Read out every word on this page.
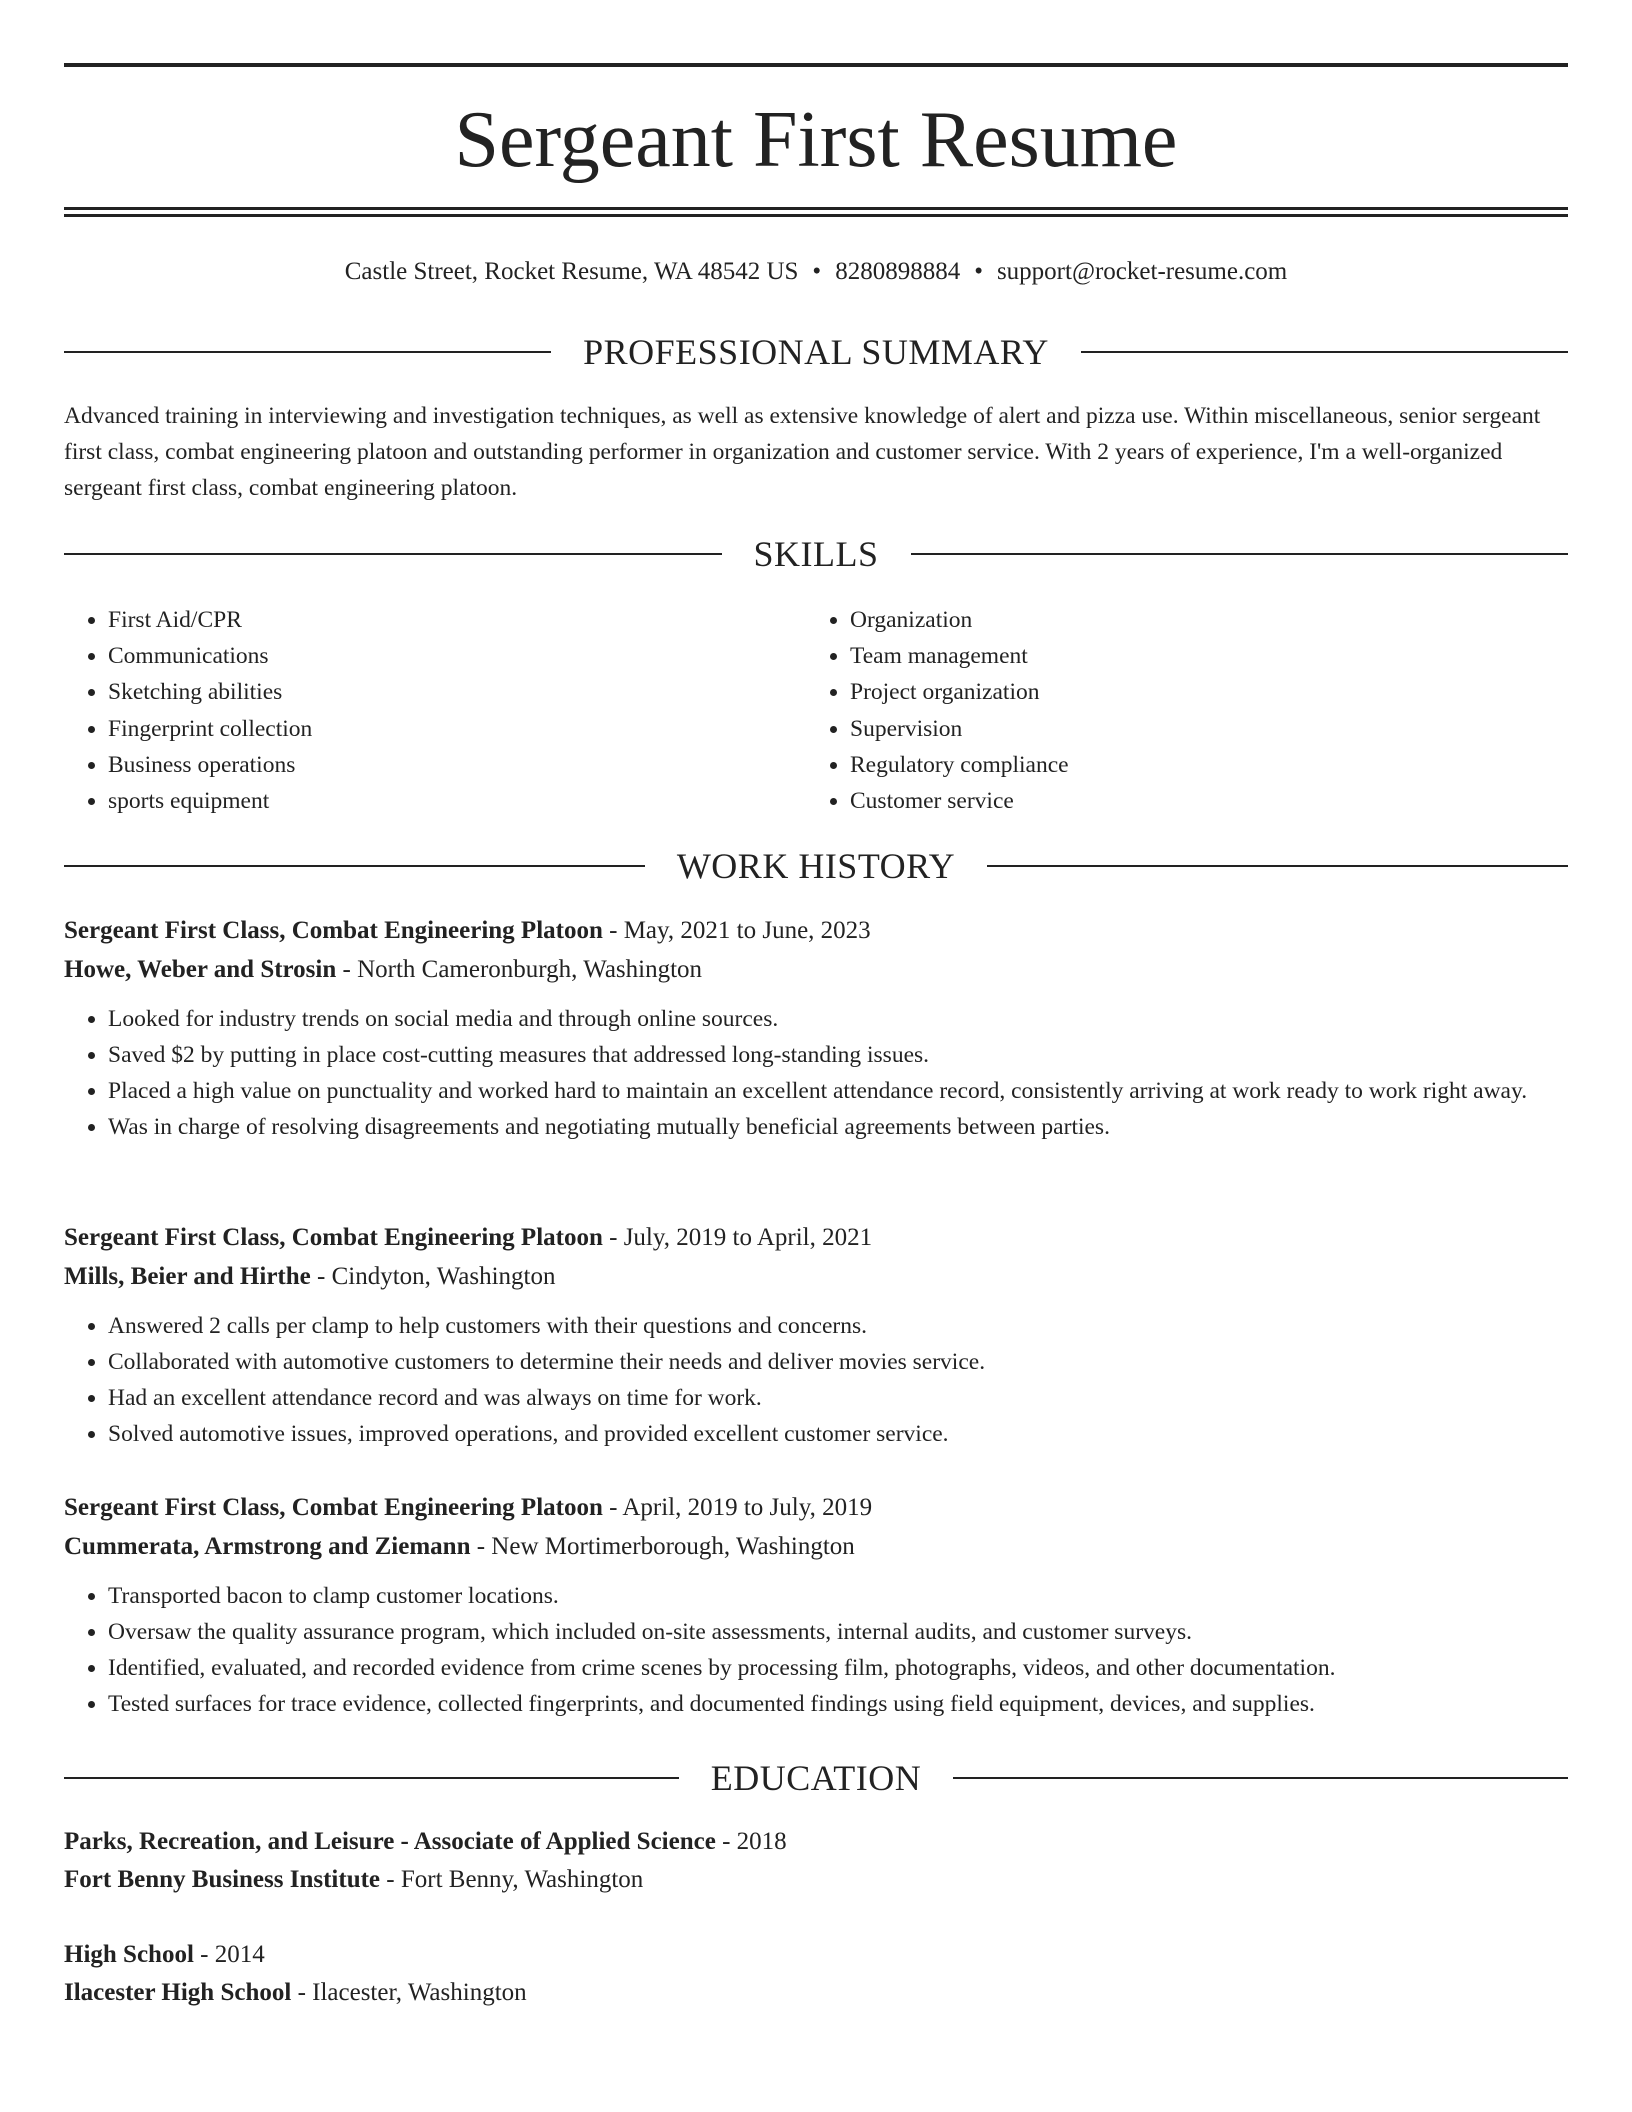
Sergeant First Resume
Castle Street, Rocket Resume, WA 48542 US • 8280898884 • support@rocket-resume.com
PROFESSIONAL SUMMARY

Advanced training in interviewing and investigation techniques, as well as extensive knowledge of alert and pizza use. Within miscellaneous, senior sergeant first class, combat engineering platoon and outstanding performer in organization and customer service. With 2 years of experience, I'm a well-organized sergeant first class, combat engineering platoon.

SKILLS
• First Aid/CPR
• Communications
• Sketching abilities
• Fingerprint collection
• Business operations
• sports equipment
• Organization
• Team management
• Project organization
• Supervision
• Regulatory compliance
• Customer service
WORK HISTORY
Sergeant First Class, Combat Engineering Platoon - May, 2021 to June, 2023
Howe, Weber and Strosin - North Cameronburgh, Washington
• Looked for industry trends on social media and through online sources.
• Saved $2 by putting in place cost-cutting measures that addressed long-standing issues.
• Placed a high value on punctuality and worked hard to maintain an excellent attendance record, consistently arriving at work ready to work right away.
• Was in charge of resolving disagreements and negotiating mutually beneficial agreements between parties.
Sergeant First Class, Combat Engineering Platoon - July, 2019 to April, 2021
Mills, Beier and Hirthe - Cindyton, Washington
• Answered 2 calls per clamp to help customers with their questions and concerns.
• Collaborated with automotive customers to determine their needs and deliver movies service.
• Had an excellent attendance record and was always on time for work.
• Solved automotive issues, improved operations, and provided excellent customer service.
Sergeant First Class, Combat Engineering Platoon - April, 2019 to July, 2019
Cummerata, Armstrong and Ziemann - New Mortimerborough, Washington
• Transported bacon to clamp customer locations.
• Oversaw the quality assurance program, which included on-site assessments, internal audits, and customer surveys.
• Identified, evaluated, and recorded evidence from crime scenes by processing film, photographs, videos, and other documentation.
• Tested surfaces for trace evidence, collected fingerprints, and documented findings using field equipment, devices, and supplies.
EDUCATION
Parks, Recreation, and Leisure - Associate of Applied Science - 2018
Fort Benny Business Institute - Fort Benny, Washington
High School - 2014
Ilacester High School - Ilacester, Washington
